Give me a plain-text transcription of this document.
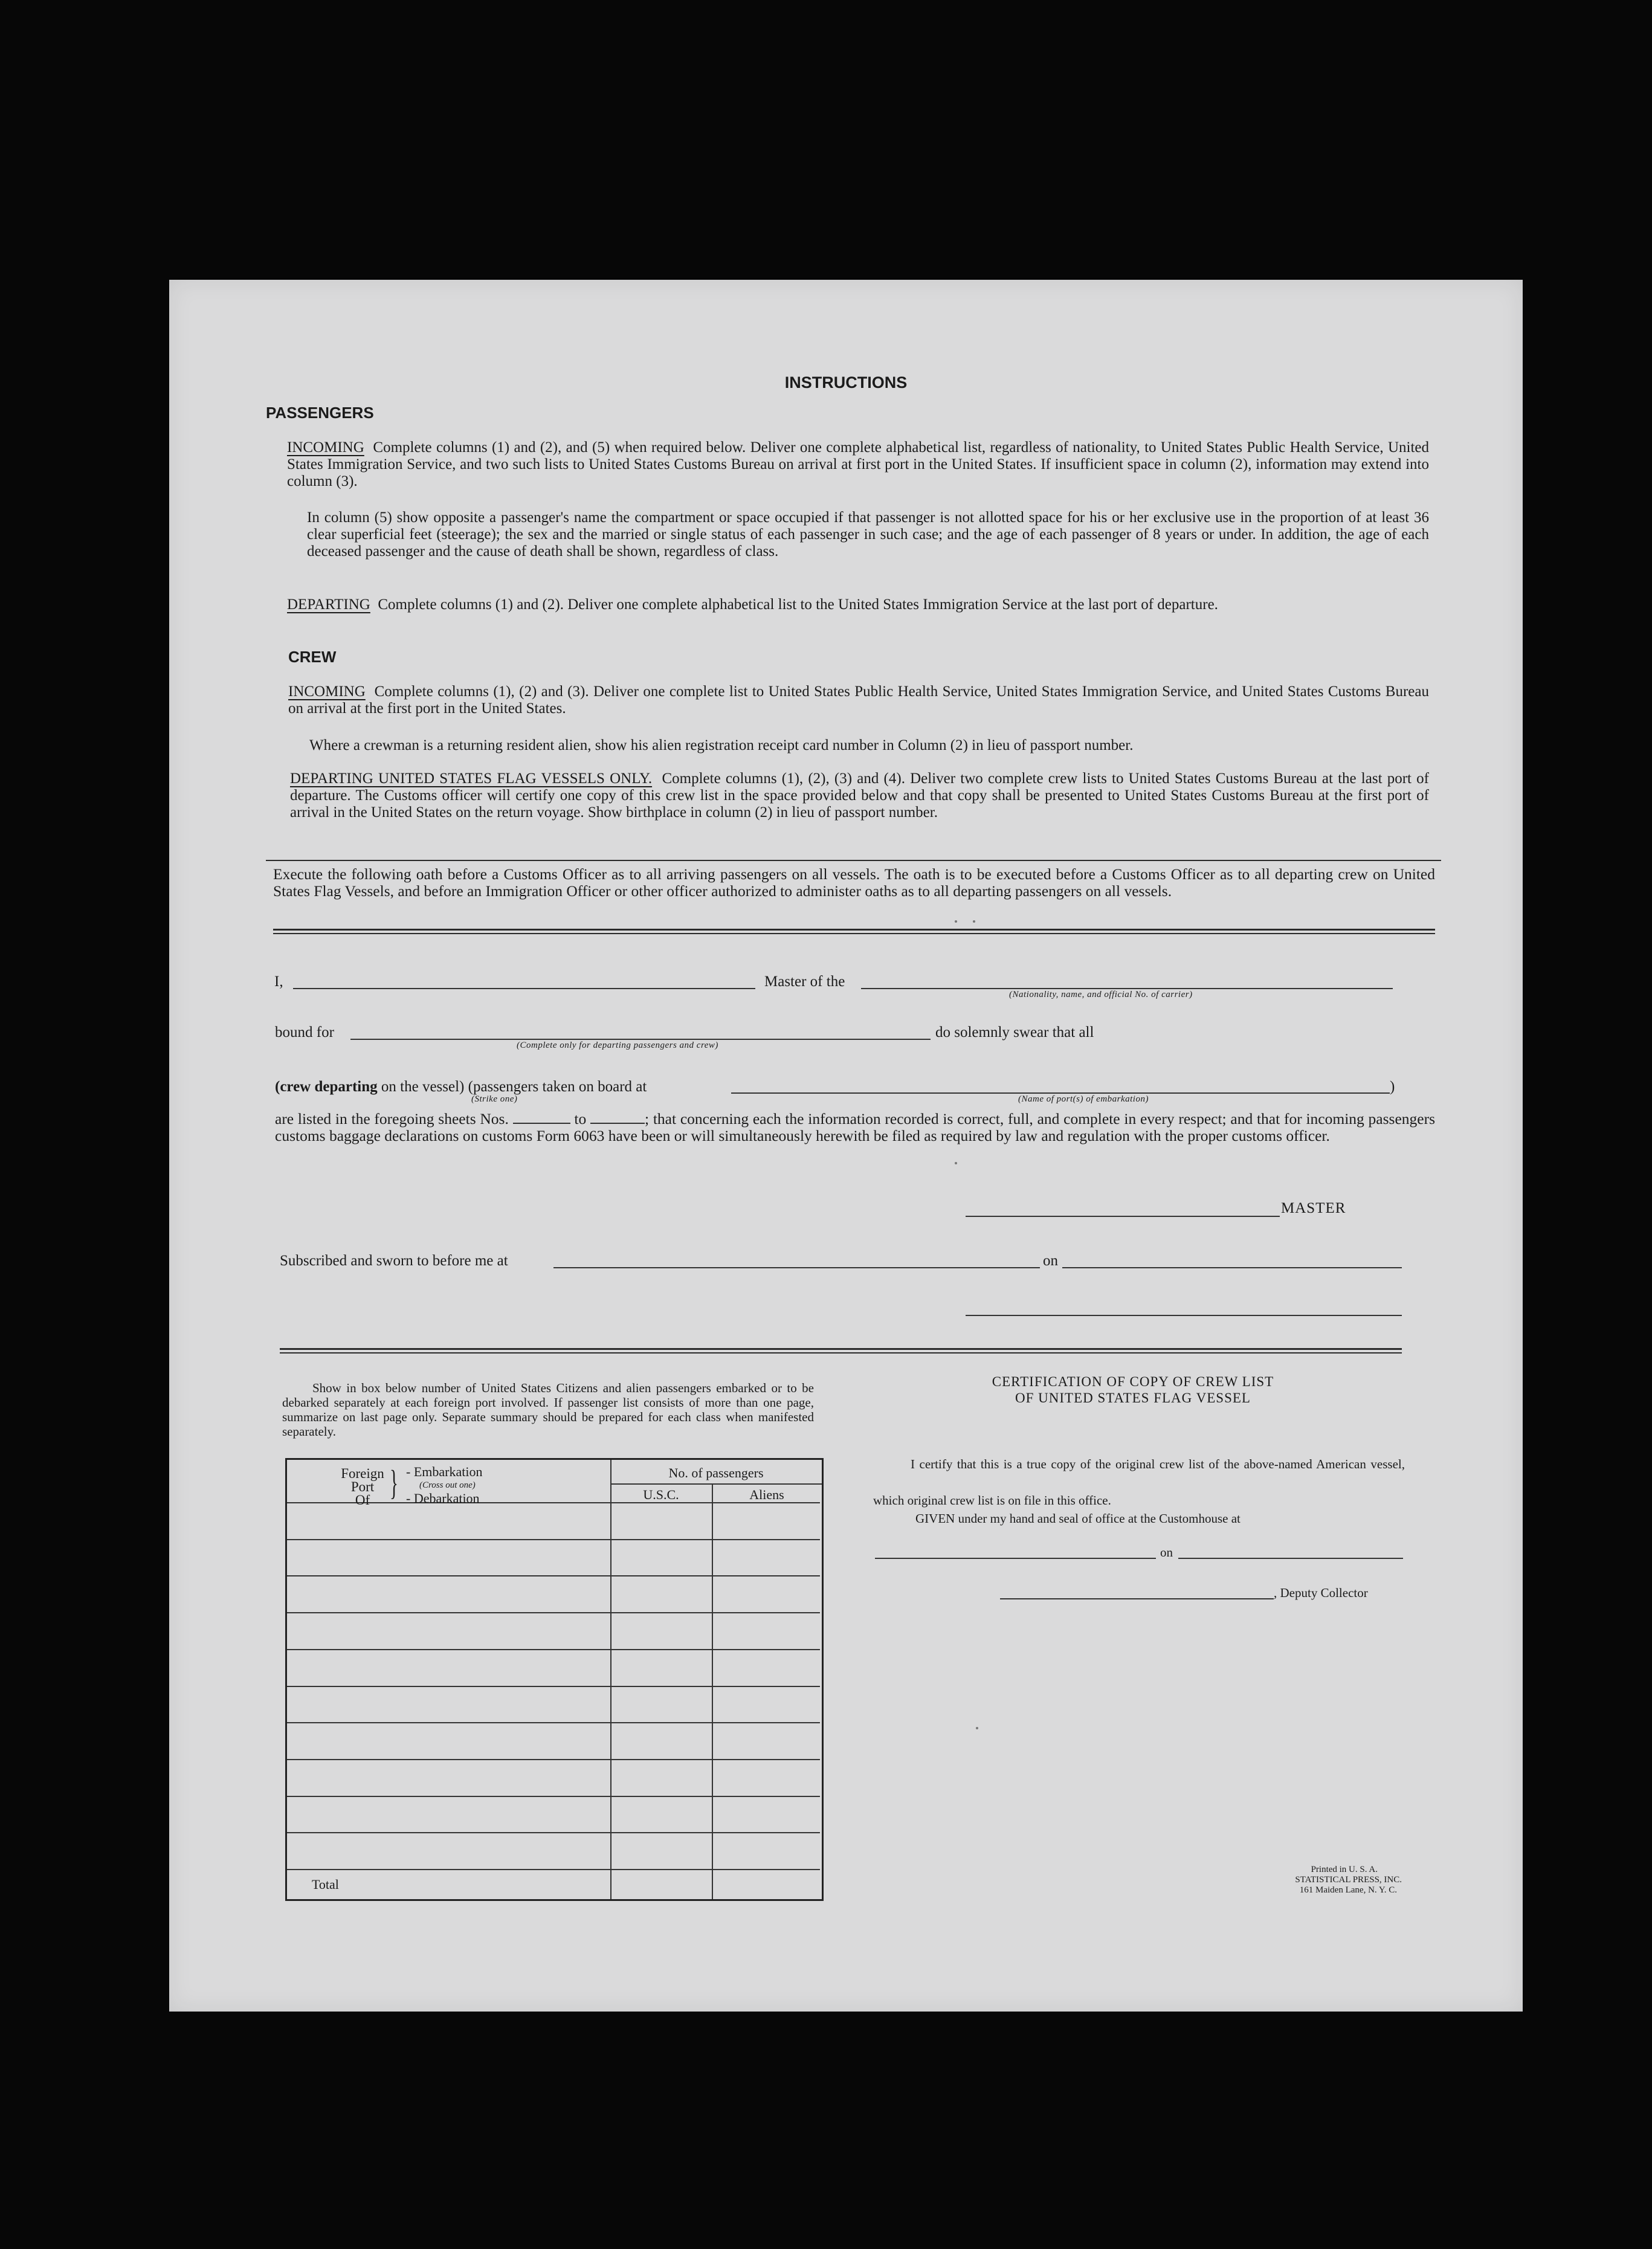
INSTRUCTIONS
PASSENGERS
INCOMING Complete columns (1) and (2), and (5) when required below. Deliver one complete alphabetical list, regardless of nationality, to United States Public Health Service, United States Immigration Service, and two such lists to United States Customs Bureau on arrival at first port in the United States. If insufficient space in column (2), information may extend into column (3).
In column (5) show opposite a passenger's name the compartment or space occupied if that passenger is not allotted space for his or her exclusive use in the proportion of at least 36 clear superficial feet (steerage); the sex and the married or single status of each passenger in such case; and the age of each passenger of 8 years or under. In addition, the age of each deceased passenger and the cause of death shall be shown, regardless of class.
DEPARTING Complete columns (1) and (2). Deliver one complete alphabetical list to the United States Immigration Service at the last port of departure.
CREW
INCOMING Complete columns (1), (2) and (3). Deliver one complete list to United States Public Health Service, United States Immigration Service, and United States Customs Bureau on arrival at the first port in the United States.
Where a crewman is a returning resident alien, show his alien registration receipt card number in Column (2) in lieu of passport number.
DEPARTING UNITED STATES FLAG VESSELS ONLY. Complete columns (1), (2), (3) and (4). Deliver two complete crew lists to United States Customs Bureau at the last port of departure. The Customs officer will certify one copy of this crew list in the space provided below and that copy shall be presented to United States Customs Bureau at the first port of arrival in the United States on the return voyage. Show birthplace in column (2) in lieu of passport number.
Execute the following oath before a Customs Officer as to all arriving passengers on all vessels. The oath is to be executed before a Customs Officer as to all departing crew on United States Flag Vessels, and before an Immigration Officer or other officer authorized to administer oaths as to all departing passengers on all vessels.
I,	Master of the
(Nationality, name, and official No. of carrier)
bound for
(Complete only for departing passengers and crew)
do solemnly swear that all
(crew departing on the vessel) (passengers taken on board at
(Strike one)
)
(Name of port(s) of embarkation)
are listed in the foregoing sheets Nos.	to	; that concerning each the information recorded is correct, full, and complete in every respect; and that for incoming passengers customs baggage declarations on customs Form 6063 have been or will simultaneously herewith be filed as required by law and regulation with the proper customs officer.
MASTER
Subscribed and sworn to before me at	on
Show in box below number of United States Citizens and alien passengers embarked or to be debarked separately at each foreign port involved. If passenger list consists of more than one page, summarize on last page only. Separate summary should be prepared for each class when manifested separately.
Foreign
Port
Of } - Embarkation
(Cross out one)
- Debarkation
No. of passengers
U.S.C.	Aliens
Total
CERTIFICATION OF COPY OF CREW LIST
OF UNITED STATES FLAG VESSEL
I certify that this is a true copy of the original crew list of the above-named American vessel, which original crew list is on file in this office.
GIVEN under my hand and seal of office at the Customhouse at
on
, Deputy Collector
Printed in U. S. A.
STATISTICAL PRESS, INC.
161 Maiden Lane, N. Y. C.
